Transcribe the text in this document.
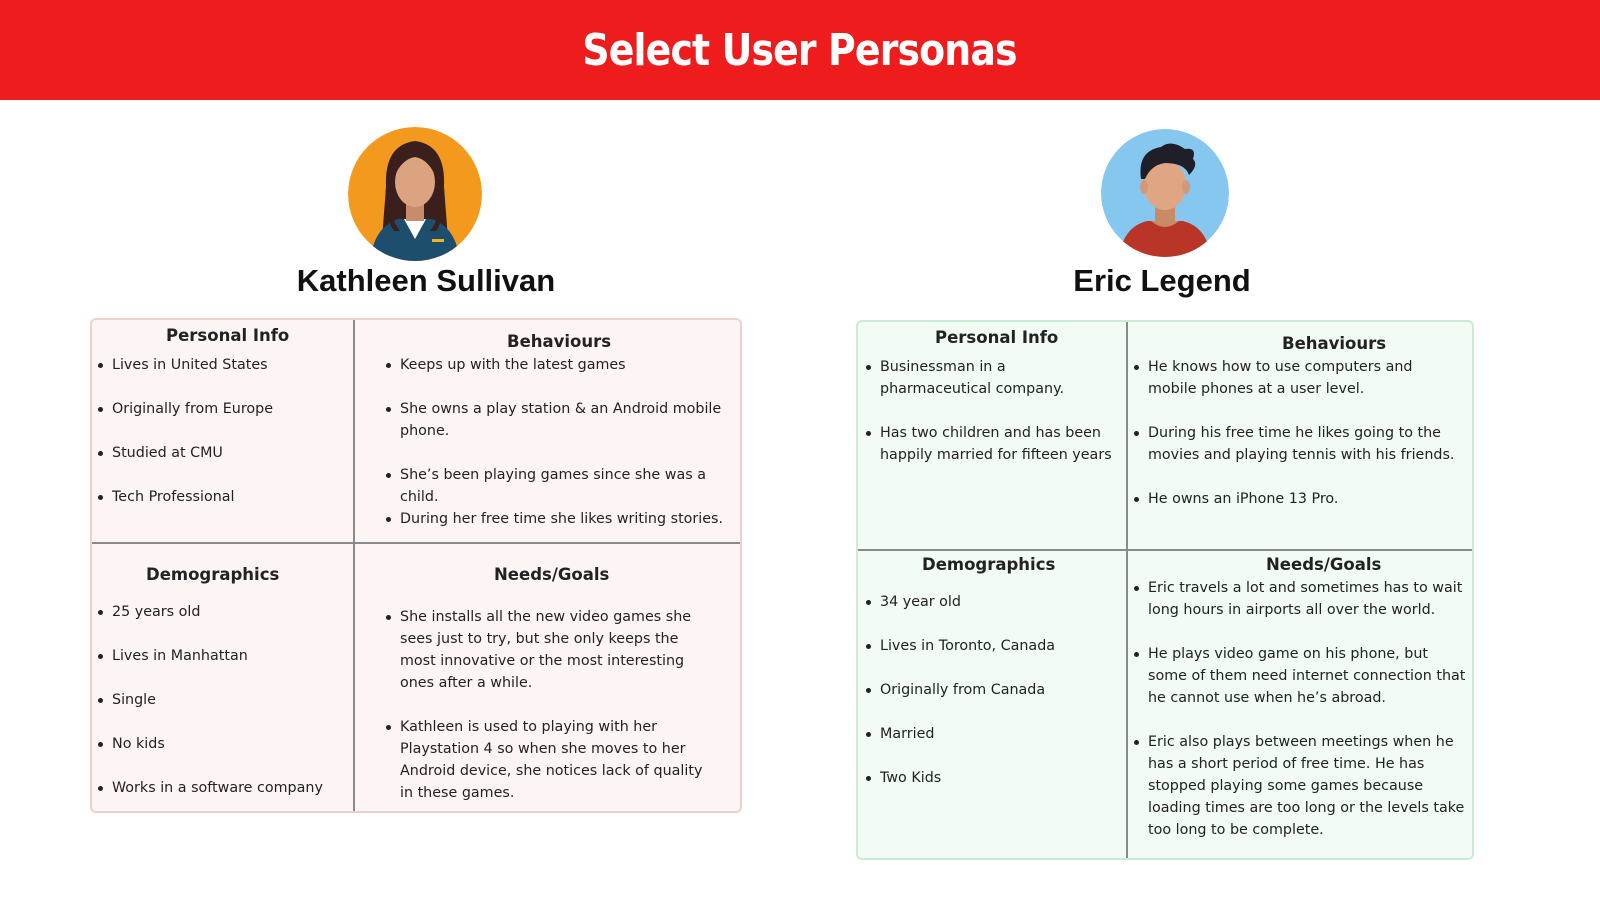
Select User Personas
Kathleen Sullivan
Personal Info
Lives in United States
Originally from Europe
Studied at CMU
Tech Professional
Behaviours
Keeps up with the latest games
She owns a play station & an Android mobile phone.
She’s been playing games since she was a child.
During her free time she likes writing stories.
Demographics
25 years old
Lives in Manhattan
Single
No kids
Works in a software company
Needs/Goals
She installs all the new video games she sees just to try, but she only keeps the most innovative or the most interesting ones after a while.
Kathleen is used to playing with her Playstation 4 so when she moves to her Android device, she notices lack of quality in these games.
Eric Legend
Personal Info
Businessman in a pharmaceutical company.
Has two children and has been happily married for fifteen years
Behaviours
He knows how to use computers and mobile phones at a user level.
During his free time he likes going to the movies and playing tennis with his friends.
He owns an iPhone 13 Pro.
Demographics
34 year old
Lives in Toronto, Canada
Originally from Canada
Married
Two Kids
Needs/Goals
Eric travels a lot and sometimes has to wait long hours in airports all over the world.
He plays video game on his phone, but some of them need internet connection that he cannot use when he’s abroad.
Eric also plays between meetings when he has a short period of free time. He has stopped playing some games because loading times are too long or the levels take too long to be complete.
